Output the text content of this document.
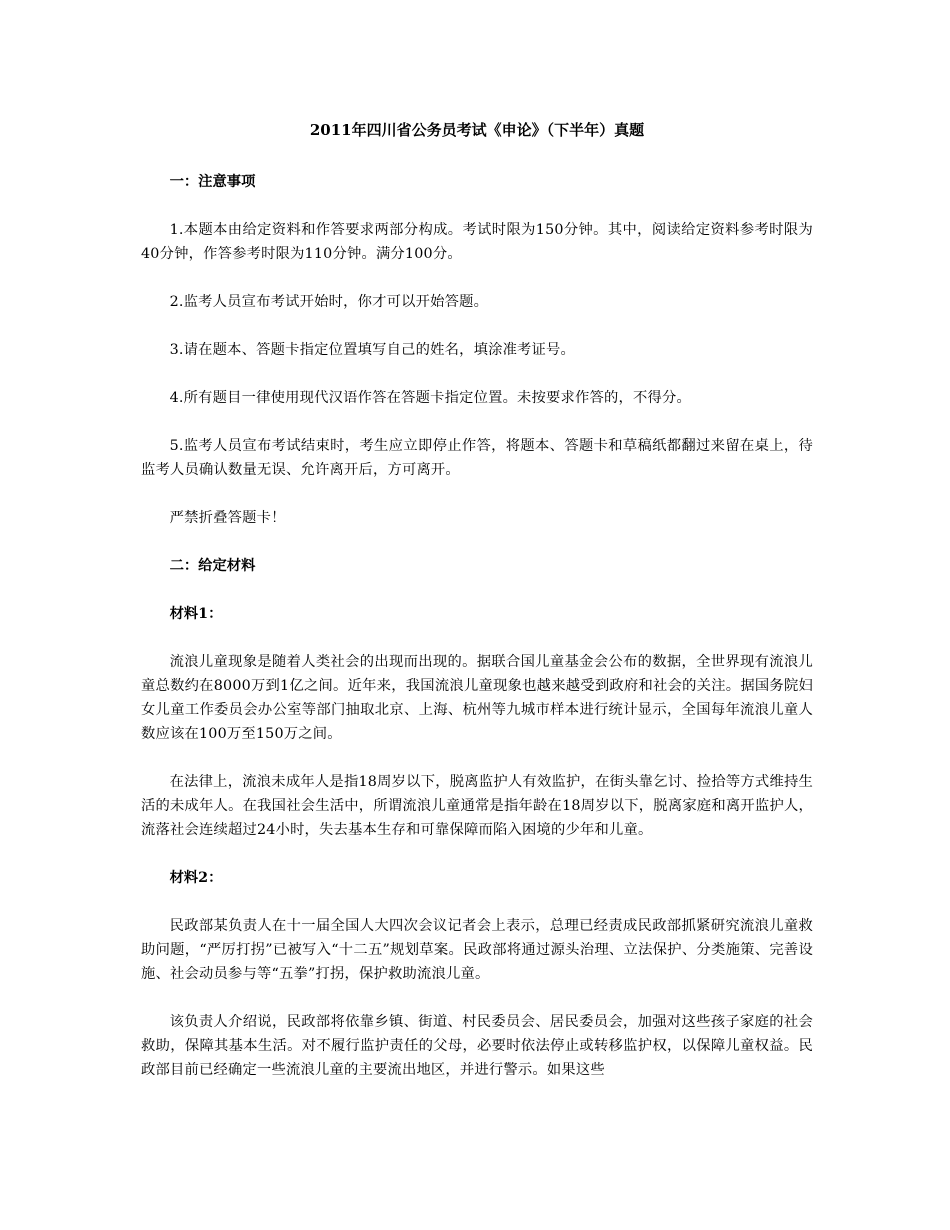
2011年四川省公务员考试《申论》（下半年）真题
一：注意事项
1.本题本由给定资料和作答要求两部分构成。考试时限为150分钟。其中，阅读给定资料参考时限为40分钟，作答参考时限为110分钟。满分100分。
2.监考人员宣布考试开始时，你才可以开始答题。
3.请在题本、答题卡指定位置填写自己的姓名，填涂准考证号。
4.所有题目一律使用现代汉语作答在答题卡指定位置。未按要求作答的，不得分。
5.监考人员宣布考试结束时，考生应立即停止作答，将题本、答题卡和草稿纸都翻过来留在桌上，待监考人员确认数量无误、允许离开后，方可离开。
严禁折叠答题卡！
二：给定材料
材料1：
流浪儿童现象是随着人类社会的出现而出现的。据联合国儿童基金会公布的数据，全世界现有流浪儿童总数约在8000万到1亿之间。近年来，我国流浪儿童现象也越来越受到政府和社会的关注。据国务院妇女儿童工作委员会办公室等部门抽取北京、上海、杭州等九城市样本进行统计显示，全国每年流浪儿童人数应该在100万至150万之间。
在法律上，流浪未成年人是指18周岁以下，脱离监护人有效监护，在街头靠乞讨、捡拾等方式维持生活的未成年人。在我国社会生活中，所谓流浪儿童通常是指年龄在18周岁以下，脱离家庭和离开监护人，流落社会连续超过24小时，失去基本生存和可靠保障而陷入困境的少年和儿童。
材料2：
民政部某负责人在十一届全国人大四次会议记者会上表示，总理已经责成民政部抓紧研究流浪儿童救助问题，“严厉打拐”已被写入“十二五”规划草案。民政部将通过源头治理、立法保护、分类施策、完善设施、社会动员参与等“五拳”打拐，保护救助流浪儿童。
该负责人介绍说，民政部将依靠乡镇、街道、村民委员会、居民委员会，加强对这些孩子家庭的社会救助，保障其基本生活。对不履行监护责任的父母，必要时依法停止或转移监护权，以保障儿童权益。民政部目前已经确定一些流浪儿童的主要流出地区，并进行警示。如果这些
